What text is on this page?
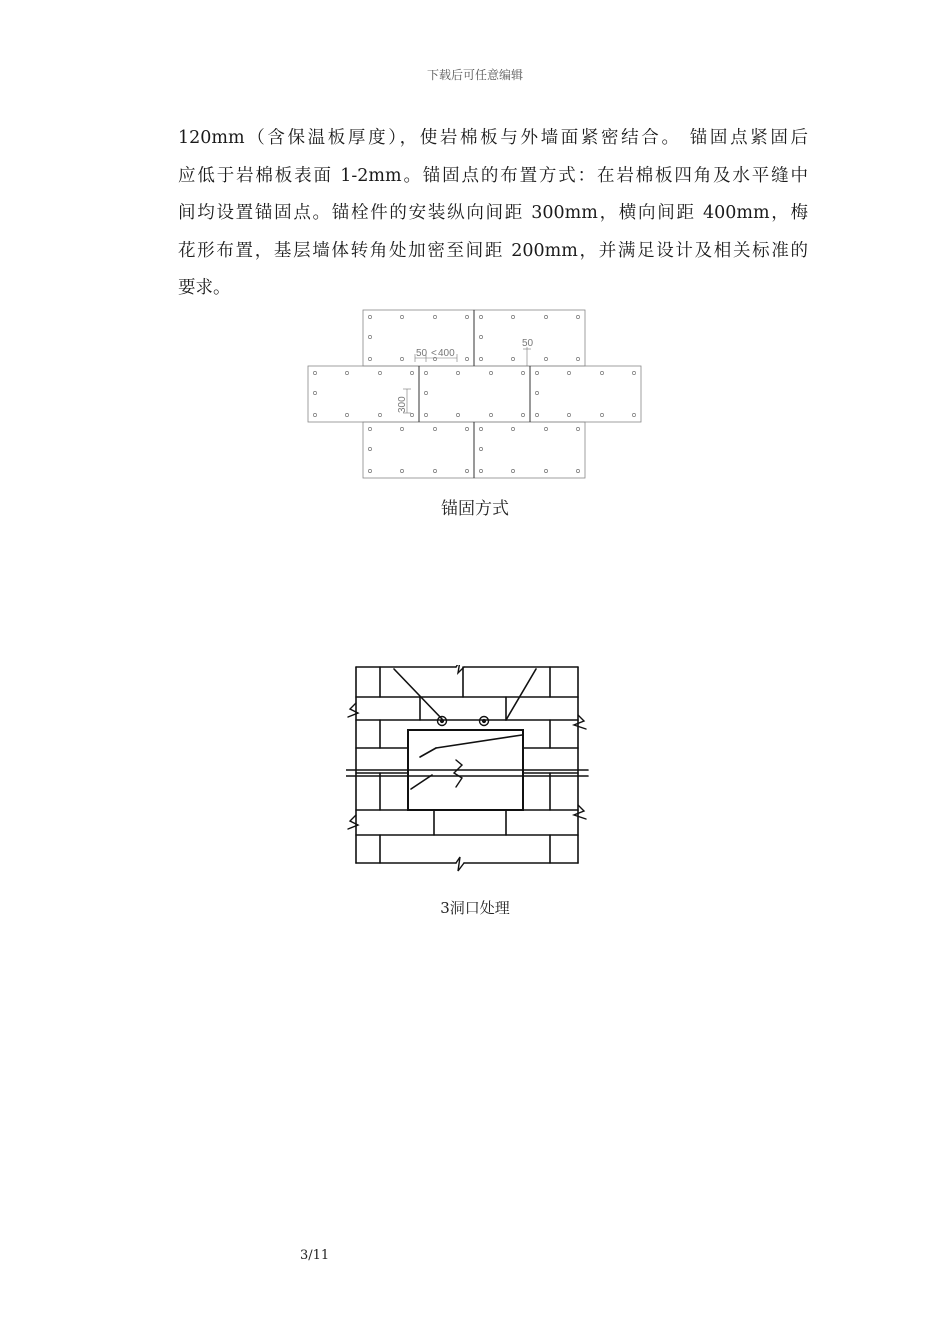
下载后可任意编辑

120mm（含保温板厚度），使岩棉板与外墙面紧密结合。 锚固点紧固后

应低于岩棉板表面 1-2mm。锚固点的布置方式：在岩棉板四角及水平缝中

间均设置锚固点。锚栓件的安装纵向间距 300mm，横向间距 400mm，梅

花形布置，基层墙体转角处加密至间距 200mm，并满足设计及相关标准的

要求。

50 < 400
50
300
锚固方式
3洞口处理
3/11
